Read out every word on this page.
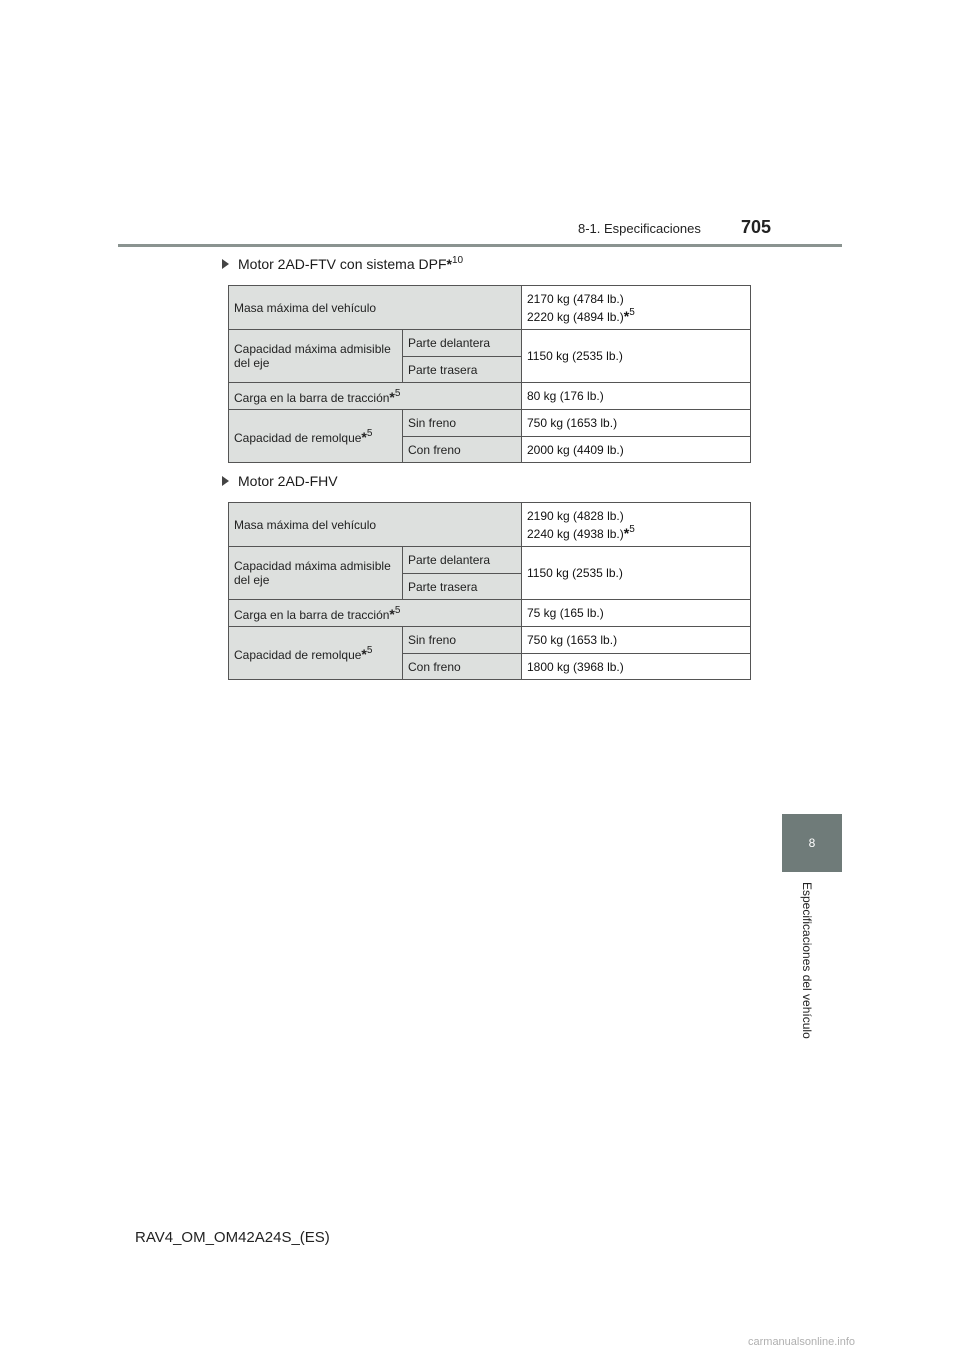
8-1. Especificaciones 705
8
Especificaciones del vehículo
Motor 2AD-FTV con sistema DPF*$^{10}$
Masa máxima del vehículo		2170 kg (4784 lb.)
2220 kg (4894 lb.)*$^5$
Capacidad máxima admisible del eje	Parte delantera	1150 kg (2535 lb.)
	Parte trasera	
Carga en la barra de tracción*$^5$		80 kg (176 lb.)
Capacidad de remolque*$^5$	Sin freno	750 kg (1653 lb.)
	Con freno	2000 kg (4409 lb.)
Motor 2AD-FHV
Masa máxima del vehículo		2190 kg (4828 lb.)
2240 kg (4938 lb.)*$^5$
Capacidad máxima admisible del eje	Parte delantera	1150 kg (2535 lb.)
	Parte trasera	
Carga en la barra de tracción*$^5$		75 kg (165 lb.)
Capacidad de remolque*$^5$	Sin freno	750 kg (1653 lb.)
	Con freno	1800 kg (3968 lb.)
RAV4_OM_OM42A24S_(ES)
carmanualsonline.info
